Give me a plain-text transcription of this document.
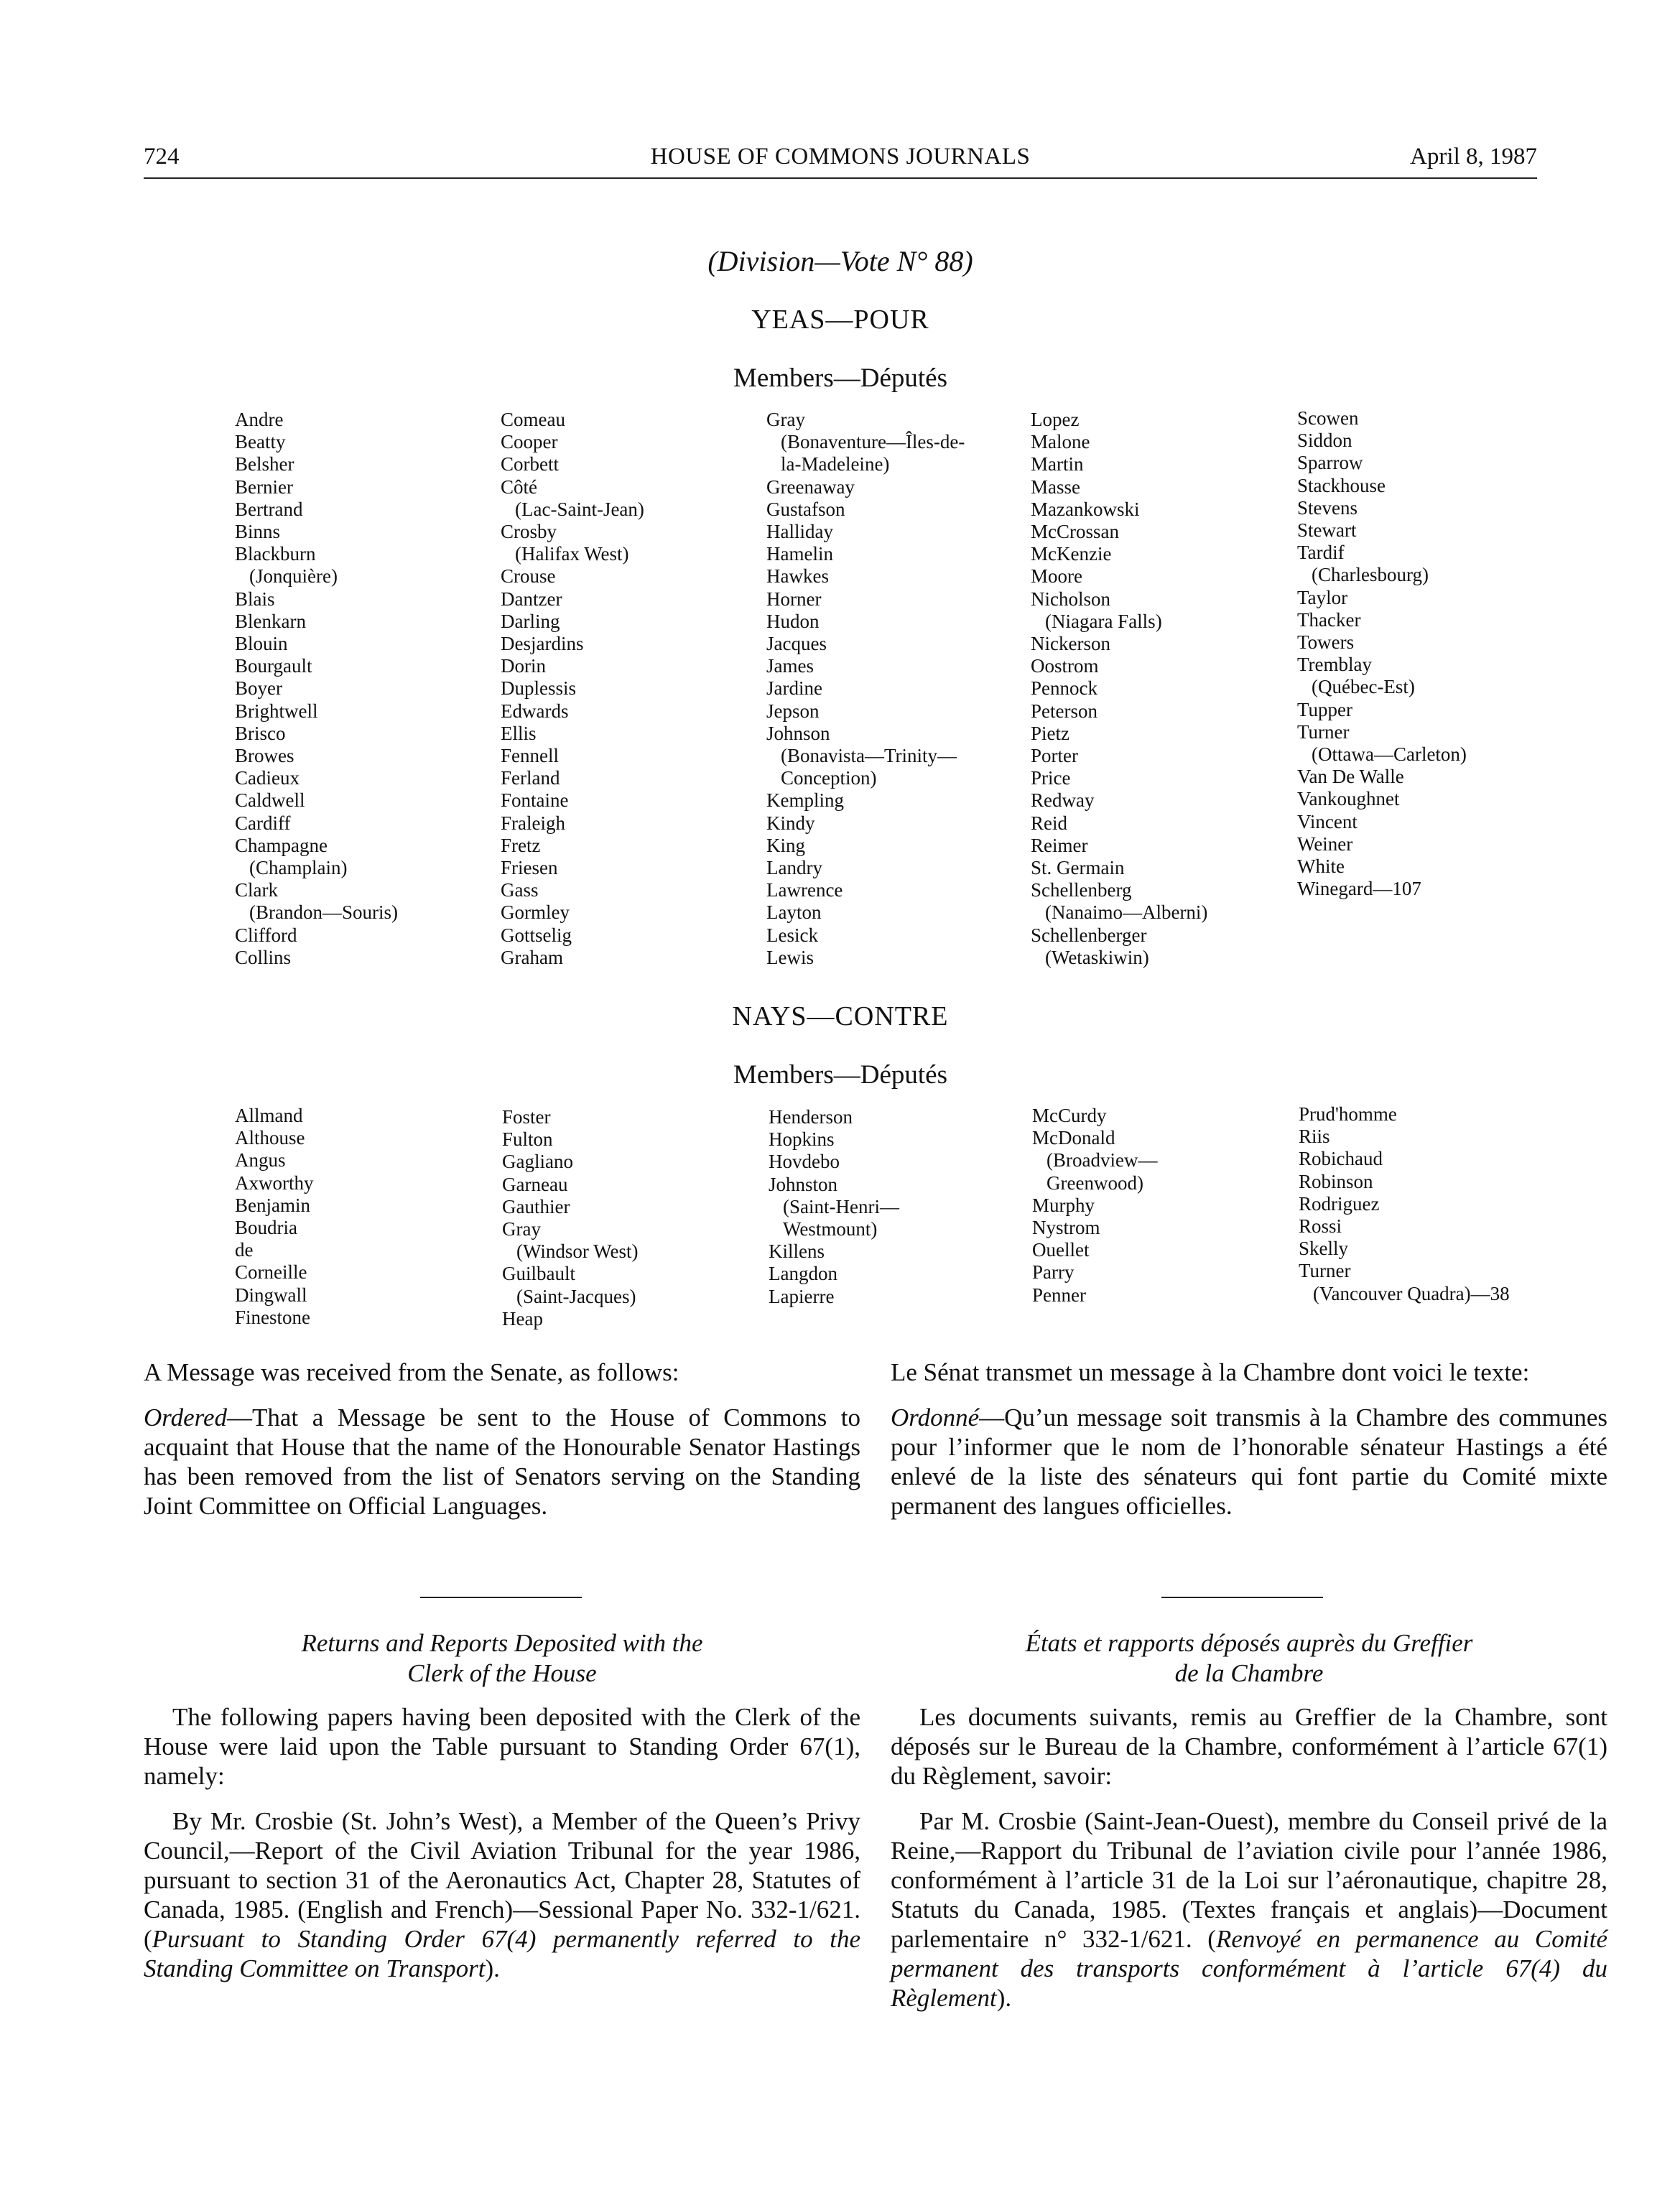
724	HOUSE OF COMMONS JOURNALS	April 8, 1987
(Division—Vote N° 88)
YEAS—POUR
Members—Députés
Andre
Beatty
Belsher
Bernier
Bertrand
Binns
Blackburn
(Jonquière)
Blais
Blenkarn
Blouin
Bourgault
Boyer
Brightwell
Brisco
Browes
Cadieux
Caldwell
Cardiff
Champagne
(Champlain)
Clark
(Brandon—Souris)
Clifford
Collins
Comeau
Cooper
Corbett
Côté
(Lac-Saint-Jean)
Crosby
(Halifax West)
Crouse
Dantzer
Darling
Desjardins
Dorin
Duplessis
Edwards
Ellis
Fennell
Ferland
Fontaine
Fraleigh
Fretz
Friesen
Gass
Gormley
Gottselig
Graham
Gray
(Bonaventure—Îles-de-
la-Madeleine)
Greenaway
Gustafson
Halliday
Hamelin
Hawkes
Horner
Hudon
Jacques
James
Jardine
Jepson
Johnson
(Bonavista—Trinity—
Conception)
Kempling
Kindy
King
Landry
Lawrence
Layton
Lesick
Lewis
Lopez
Malone
Martin
Masse
Mazankowski
McCrossan
McKenzie
Moore
Nicholson
(Niagara Falls)
Nickerson
Oostrom
Pennock
Peterson
Pietz
Porter
Price
Redway
Reid
Reimer
St. Germain
Schellenberg
(Nanaimo—Alberni)
Schellenberger
(Wetaskiwin)
Scowen
Siddon
Sparrow
Stackhouse
Stevens
Stewart
Tardif
(Charlesbourg)
Taylor
Thacker
Towers
Tremblay
(Québec-Est)
Tupper
Turner
(Ottawa—Carleton)
Van De Walle
Vankoughnet
Vincent
Weiner
White
Winegard—107
NAYS—CONTRE
Members—Députés
Allmand
Althouse
Angus
Axworthy
Benjamin
Boudria
de
Corneille
Dingwall
Finestone
Foster
Fulton
Gagliano
Garneau
Gauthier
Gray
(Windsor West)
Guilbault
(Saint-Jacques)
Heap
Henderson
Hopkins
Hovdebo
Johnston
(Saint-Henri—
Westmount)
Killens
Langdon
Lapierre
McCurdy
McDonald
(Broadview—
Greenwood)
Murphy
Nystrom
Ouellet
Parry
Penner
Prud'homme
Riis
Robichaud
Robinson
Rodriguez
Rossi
Skelly
Turner
(Vancouver Quadra)—38

A Message was received from the Senate, as follows:

Ordered—That a Message be sent to the House of Commons to acquaint that House that the name of the Honourable Senator Hastings has been removed from the list of Senators serving on the Standing Joint Committee on Official Languages.

Le Sénat transmet un message à la Chambre dont voici le texte:

Ordonné—Qu’un message soit transmis à la Chambre des communes pour l’informer que le nom de l’honorable sénateur Hastings a été enlevé de la liste des sénateurs qui font partie du Comité mixte permanent des langues officielles.

Returns and Reports Deposited with the
Clerk of the House
États et rapports déposés auprès du Greffier
de la Chambre

The following papers having been deposited with the Clerk of the House were laid upon the Table pursuant to Standing Order 67(1), namely:

By Mr. Crosbie (St. John’s West), a Member of the Queen’s Privy Council,—Report of the Civil Aviation Tribunal for the year 1986, pursuant to section 31 of the Aeronautics Act, Chapter 28, Statutes of Canada, 1985. (English and French)—Sessional Paper No. 332-1/621. (Pursuant to Standing Order 67(4) permanently referred to the Standing Committee on Transport).

Les documents suivants, remis au Greffier de la Chambre, sont déposés sur le Bureau de la Chambre, conformément à l’article 67(1) du Règlement, savoir:

Par M. Crosbie (Saint-Jean-Ouest), membre du Conseil privé de la Reine,—Rapport du Tribunal de l’aviation civile pour l’année 1986, conformément à l’article 31 de la Loi sur l’aéronautique, chapitre 28, Statuts du Canada, 1985. (Textes français et anglais)—Document parlementaire n° 332-1/621. (Renvoyé en permanence au Comité permanent des transports conformément à l’article 67(4) du Règlement).
